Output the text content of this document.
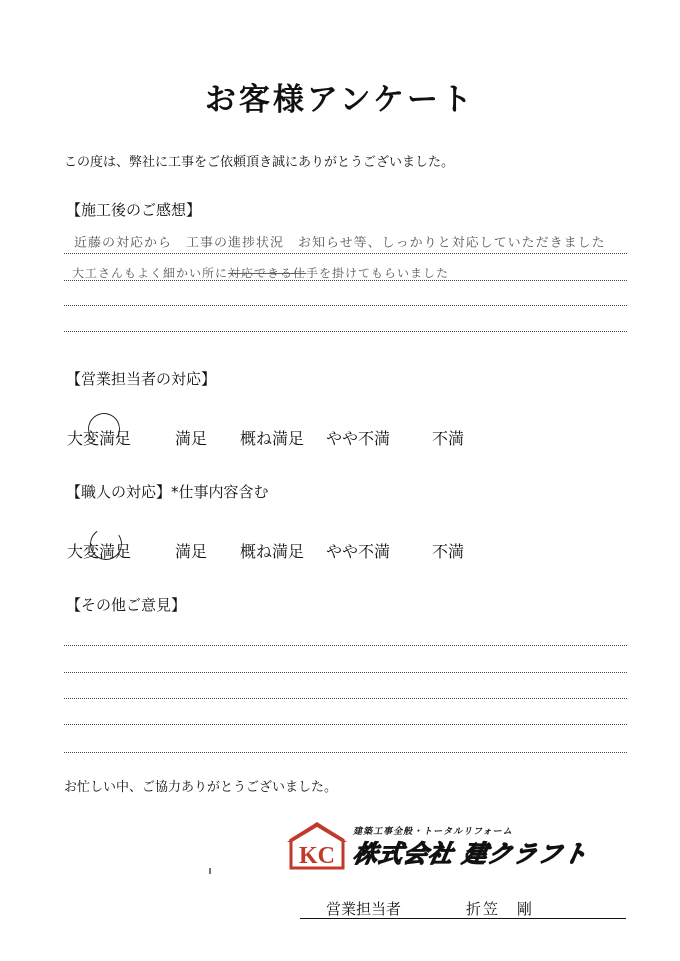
お客様アンケート
この度は、弊社に工事をご依頼頂き誠にありがとうございました。
【施工後のご感想】
近藤の対応から　工事の進捗状況　お知らせ等、しっかりと対応していただきました
大工さんもよく細かい所に対応できる仕手を掛けてもらいました
【営業担当者の対応】
大変満足	満足 概ね満足 やや不満	不満
【職人の対応】*仕事内容含む
大変満足	満足 概ね満足 やや不満	不満
【その他ご意見】
お忙しい中、ご協力ありがとうございました。
KC
建築工事全般・トータルリフォーム
株式会社 建クラフト
営業担当者	折笠　剛
